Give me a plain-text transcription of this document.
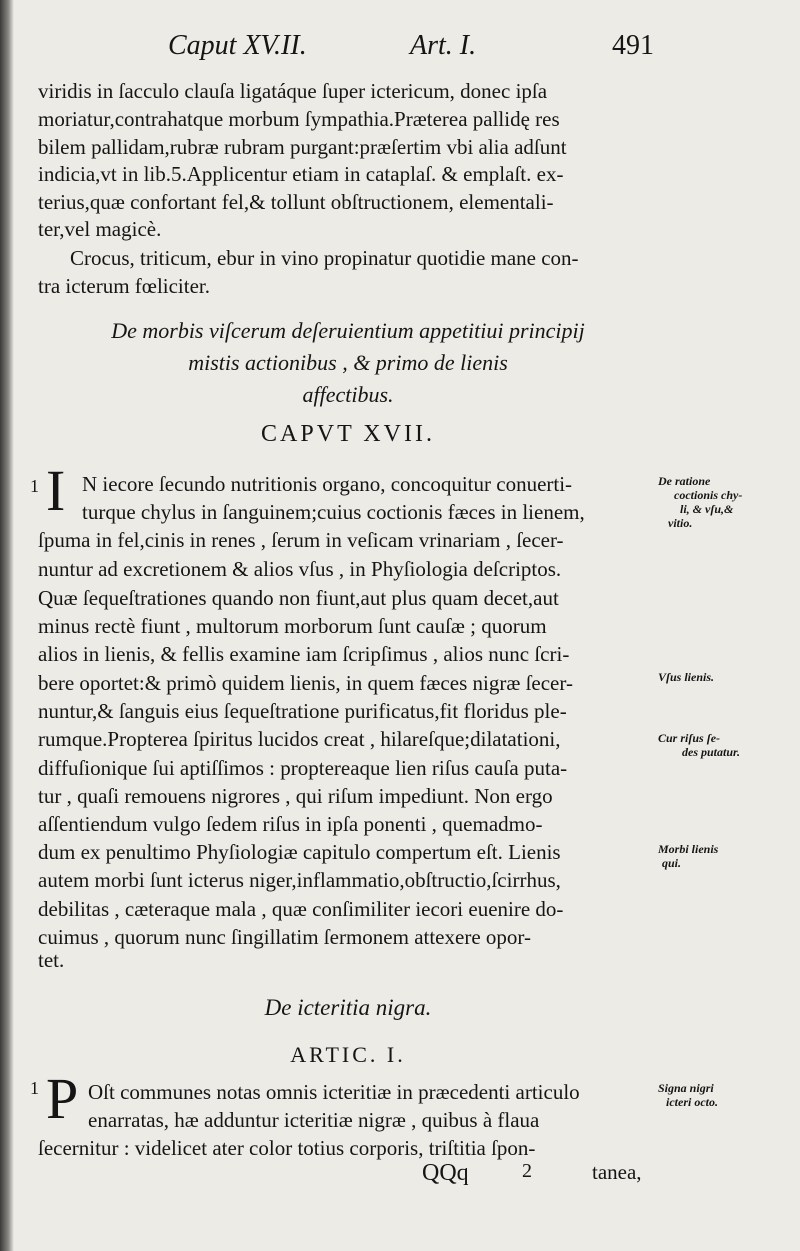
Caput XV.II.	Art. I.	491
viridis in ſacculo clauſa ligatáque ſuper ictericum, donec ipſa
moriatur,contrahatque morbum ſympathia.Præterea pallidę res
bilem pallidam,rubræ rubram purgant:præſertim vbi alia adſunt
indicia,vt in lib.5.Applicentur etiam in cataplaſ. & emplaſt. ex-
terius,quæ confortant fel,& tollunt obſtructionem, elementali-
ter,vel magicè.
Crocus, triticum, ebur in vino propinatur quotidie mane con-
tra icterum fœliciter.
De morbis viſcerum deſeruientium appetitiui principij
mistis actionibus , & primo de lienis
affectibus.
CAPVT XVII.
1 I N iecore ſecundo nutritionis organo, concoquitur conuerti-
turque chylus in ſanguinem;cuius coctionis fæces in lienem,
ſpuma in fel,cinis in renes , ſerum in veſicam vrinariam , ſecer-
nuntur ad excretionem & alios vſus , in Phyſiologia deſcriptos.
Quæ ſequeſtrationes quando non fiunt,aut plus quam decet,aut
minus rectè fiunt , multorum morborum ſunt cauſæ ; quorum
alios in lienis, & fellis examine iam ſcripſimus , alios nunc ſcri-
bere oportet:& primò quidem lienis, in quem fæces nigræ ſecer-
nuntur,& ſanguis eius ſequeſtratione purificatus,fit floridus ple-
rumque.Propterea ſpiritus lucidos creat , hilareſque;dilatationi,
diffuſionique ſui aptiſſimos : proptereaque lien riſus cauſa puta-
tur , quaſi remouens nigrores , qui riſum impediunt. Non ergo
aſſentiendum vulgo ſedem riſus in ipſa ponenti , quemadmo-
dum ex penultimo Phyſiologiæ capitulo compertum eſt. Lienis
autem morbi ſunt icterus niger,inflammatio,obſtructio,ſcirrhus,
debilitas , cæteraque mala , quæ conſimiliter iecori euenire do-
cuimus , quorum nunc ſingillatim ſermonem attexere opor-
tet.
De ratione
coctionis chy-
li, & vſu,&
vitio.
Vſus lienis.
Cur riſus ſe-
des putatur.
Morbi lienis
qui.
Signa nigri
icteri octo.
De icteritia nigra.
ARTIC. I.
1 P Oſt communes notas omnis icteritiæ in præcedenti articulo
enarratas, hæ adduntur icteritiæ nigræ , quibus à flaua
ſecernitur : videlicet ater color totius corporis, triſtitia ſpon-
QQq	2	tanea,
